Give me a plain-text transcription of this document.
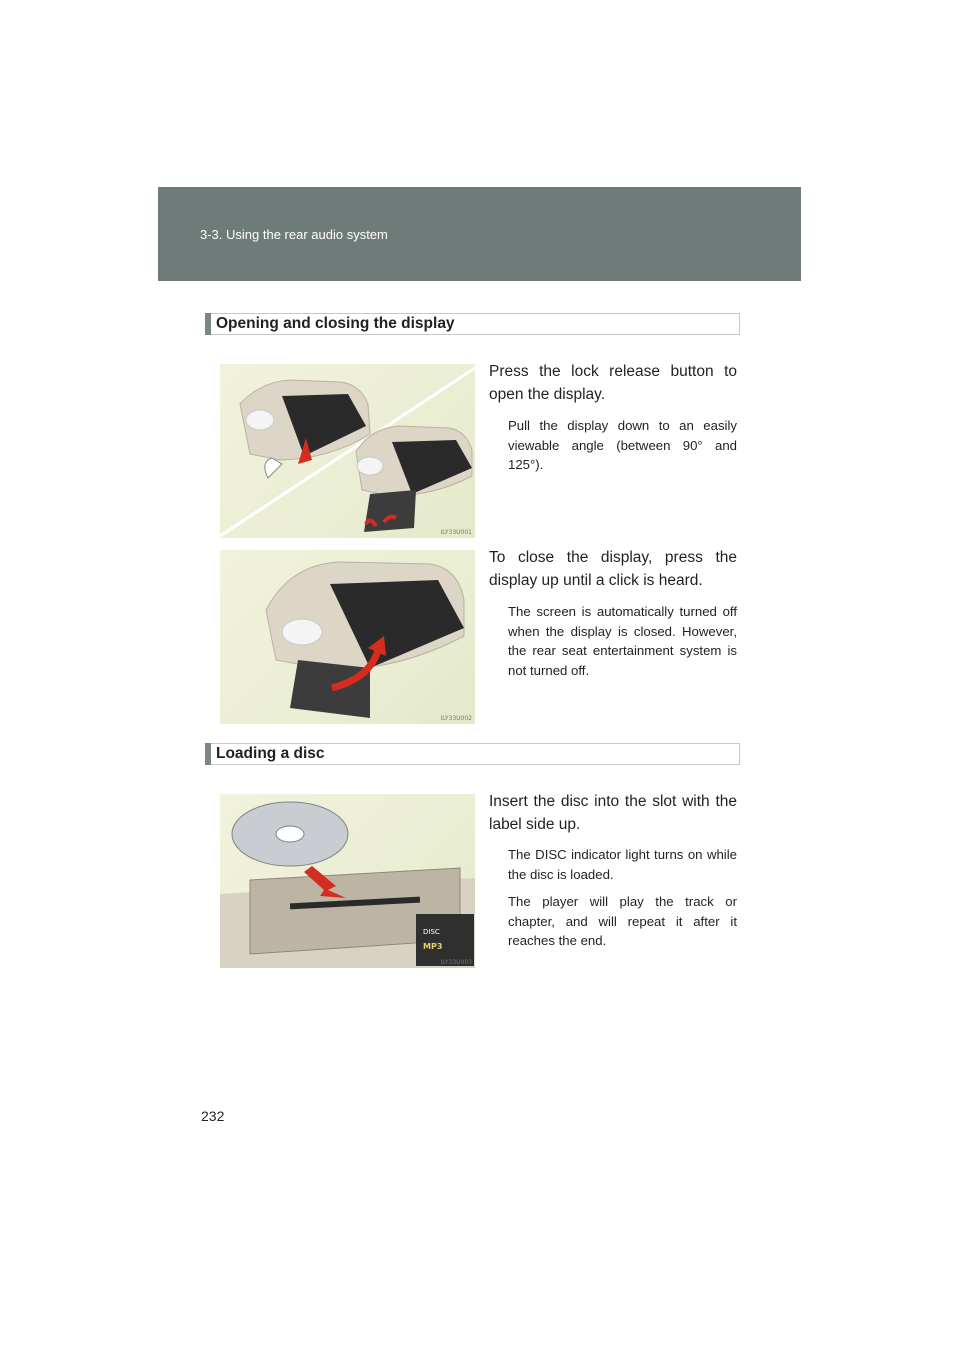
3-3. Using the rear audio system
Opening and closing the display
ILY33U001
Press the lock release button to open the display.
Pull the display down to an easily viewable angle (between 90° and 125°).
ILY33U002
To close the display, press the display up until a click is heard.
The screen is automatically turned off when the display is closed. However, the rear seat entertainment system is not turned off.
Loading a disc
DISC
MP3
ILY33U003
Insert the disc into the slot with the label side up.
The DISC indicator light turns on while the disc is loaded.
The player will play the track or chapter, and will repeat it after it reaches the end.
232
